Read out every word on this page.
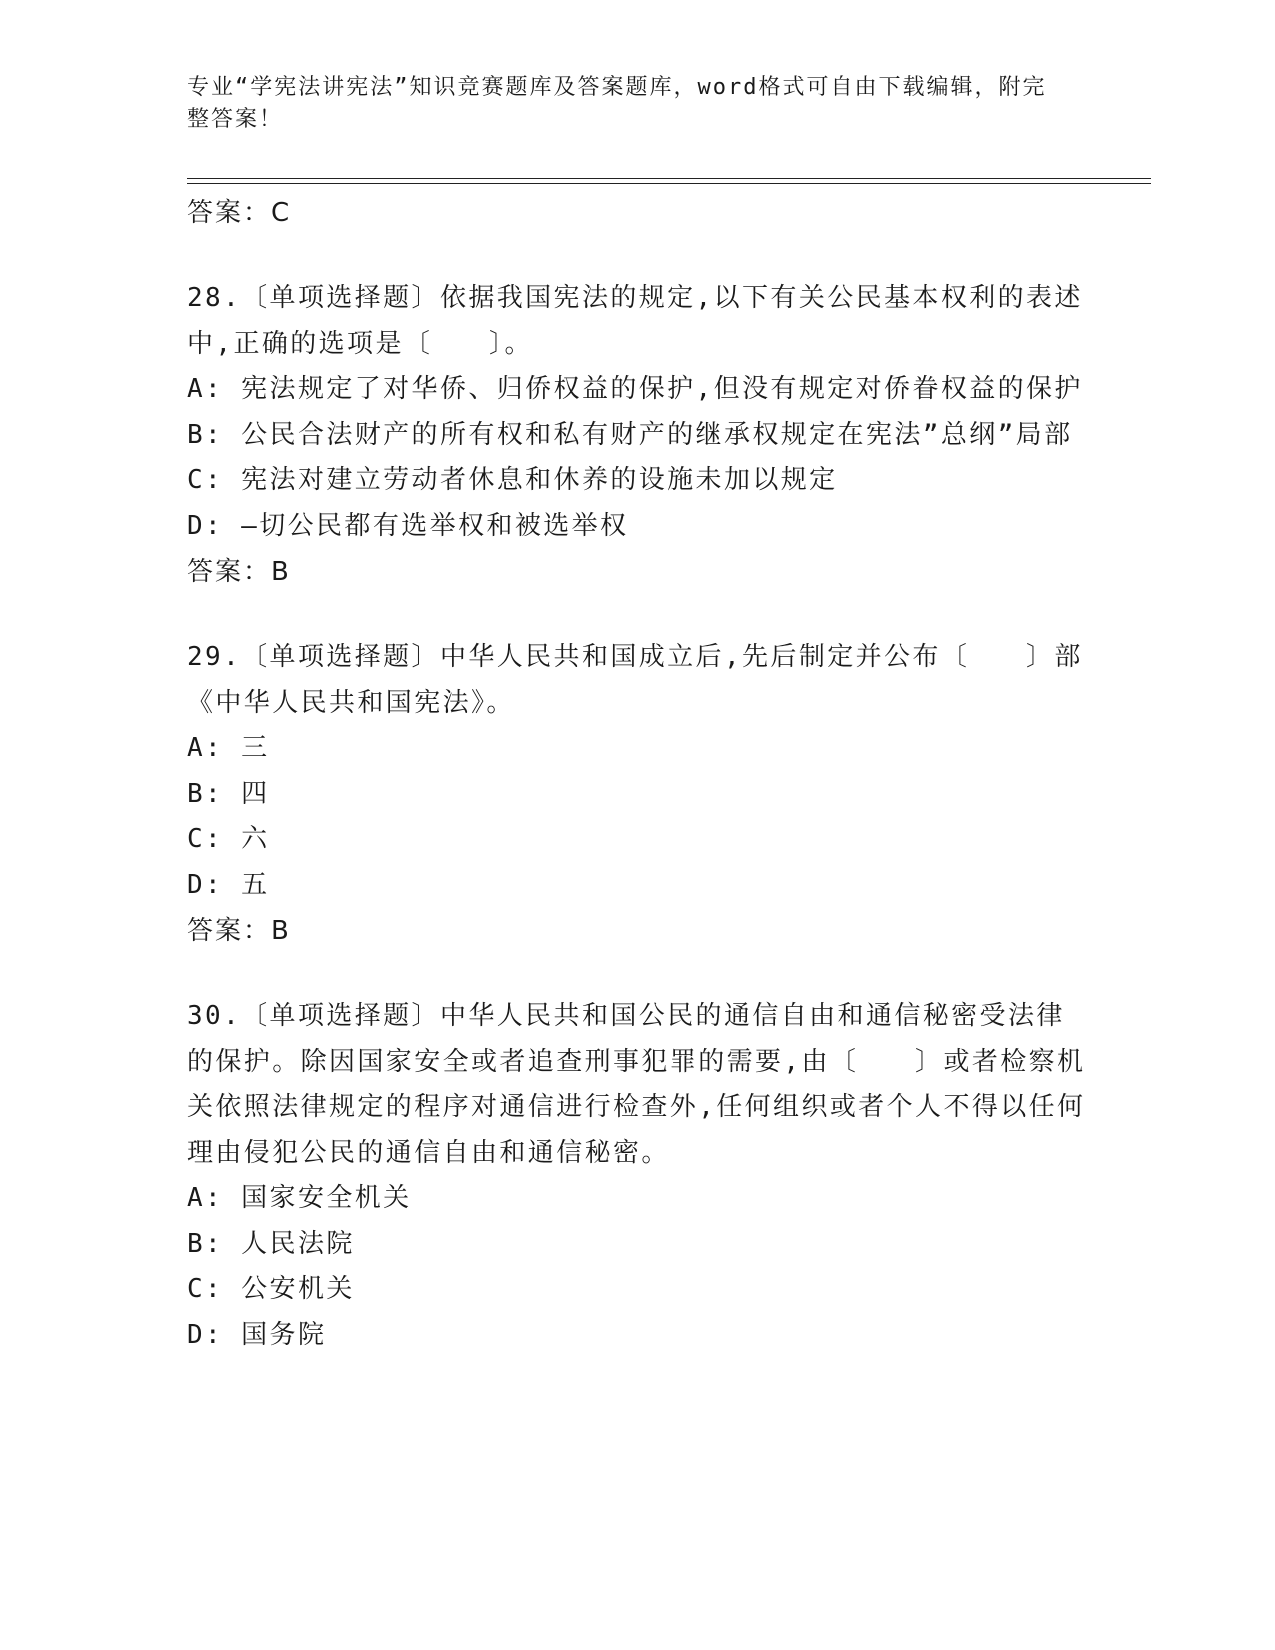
专业“学宪法讲宪法”知识竞赛题库及答案题库，word格式可自由下载编辑，附完整答案！

答案：C

28.〔单项选择题〕依据我国宪法的规定,以下有关公民基本权利的表述中,正确的选项是〔　　〕。

A: 宪法规定了对华侨、归侨权益的保护,但没有规定对侨眷权益的保护

B: 公民合法财产的所有权和私有财产的继承权规定在宪法”总纲”局部

C: 宪法对建立劳动者休息和休养的设施未加以规定

D: —切公民都有选举权和被选举权

答案：B

29.〔单项选择题〕中华人民共和国成立后,先后制定并公布〔　　〕部《中华人民共和国宪法》。

A: 三

B: 四

C: 六

D: 五

答案：B

30.〔单项选择题〕中华人民共和国公民的通信自由和通信秘密受法律的保护。除因国家安全或者追查刑事犯罪的需要,由〔　　〕或者检察机关依照法律规定的程序对通信进行检查外,任何组织或者个人不得以任何理由侵犯公民的通信自由和通信秘密。

A: 国家安全机关

B: 人民法院

C: 公安机关

D: 国务院
